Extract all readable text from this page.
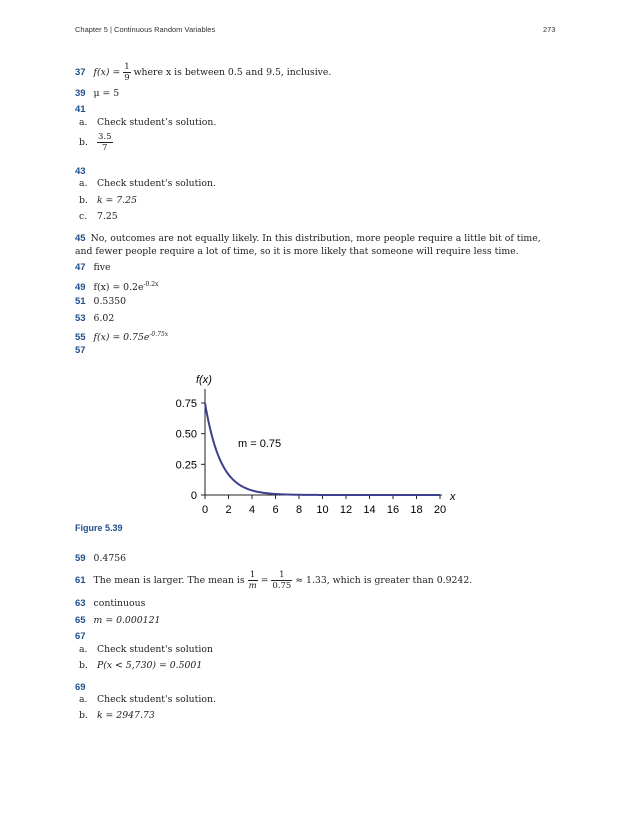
Chapter 5 | Continuous Random Variables	273
37 $f(x) = \frac{1}{9}$ where x is between 0.5 and 9.5, inclusive.
39 μ = 5
41
a. Check student’s solution.
b. $\frac{3.5}{7}$
43
a. Check student's solution.
b. k = 7.25
c. 7.25
45 No, outcomes are not equally likely. In this distribution, more people require a little bit of time, and fewer people require a lot of time, so it is more likely that someone will require less time.
47 five
49 $f(x) = 0.2e^{-0.2x}$
51 0.5350
53 6.02
55 $f(x) = 0.75e^{-0.75x}$
57
f(x)
x
m = 0.75
0
0.25
0.50
0.75
0 2 4 6 8 10 12 14 16 18 20
Figure 5.39
59 0.4756
61 The mean is larger. The mean is $\frac{1}{m} = \frac{1}{0.75} \approx 1.33$, which is greater than 0.9242.
63 continuous
65 m = 0.000121
67
a. Check student's solution
b. P(x < 5,730) = 0.5001
69
a. Check student's solution.
b. k = 2947.73
